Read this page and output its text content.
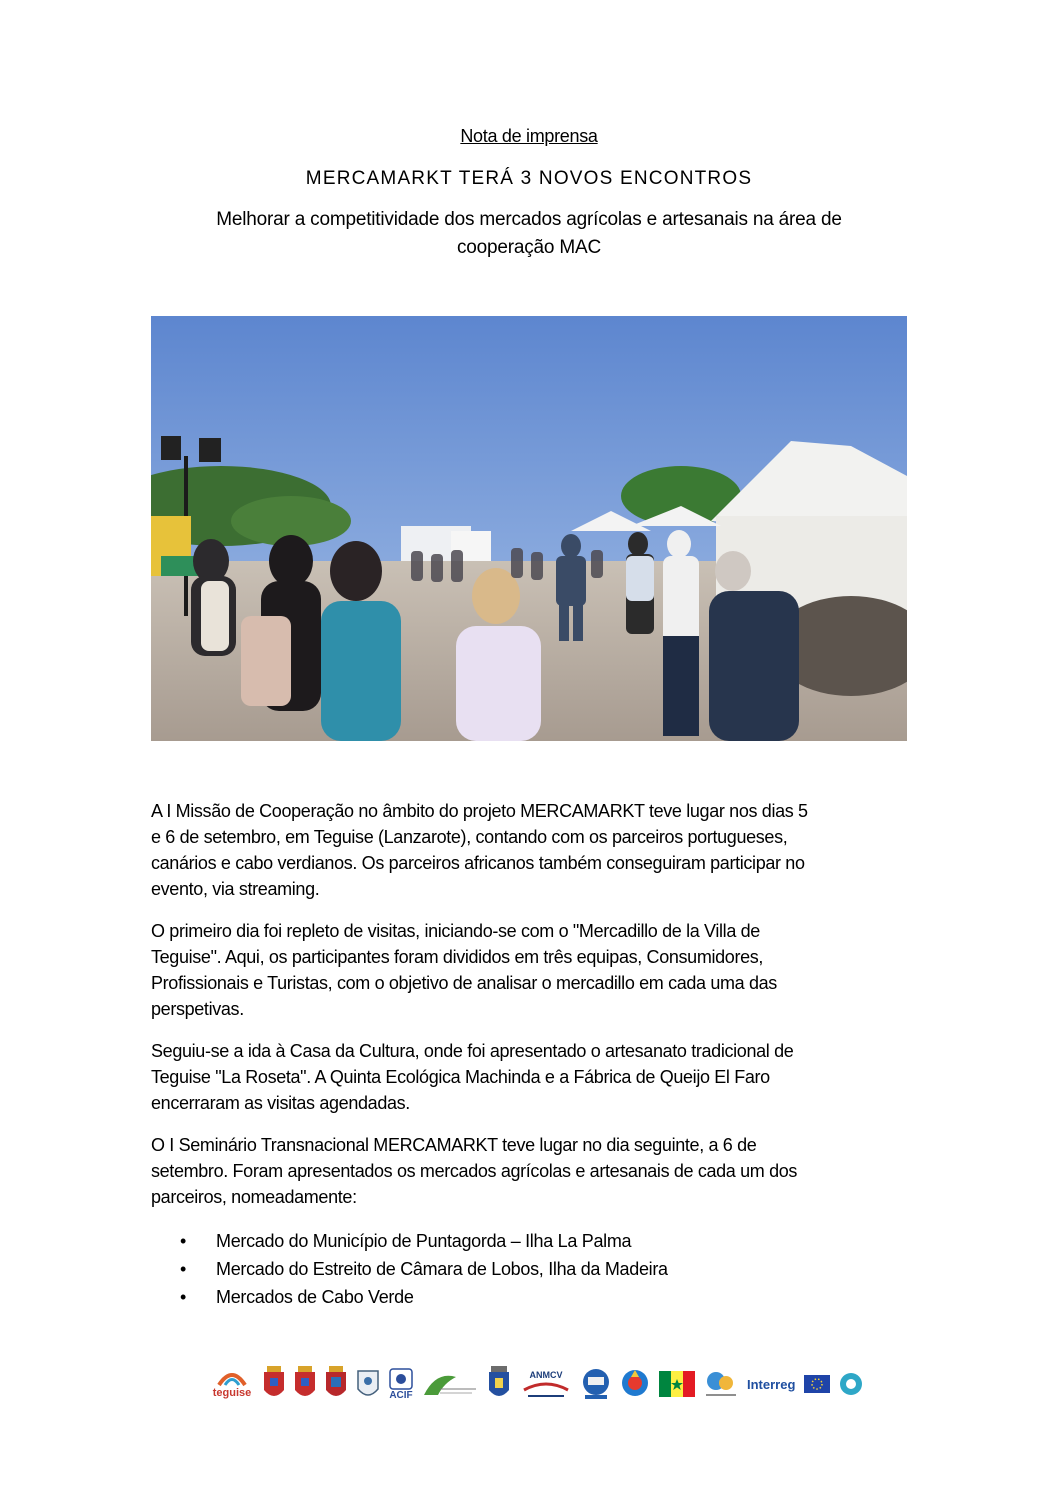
Nota de imprensa
MERCAMARKT TERÁ 3 NOVOS ENCONTROS
Melhorar a competitividade dos mercados agrícolas e artesanais na área de
cooperação MAC
A I Missão de Cooperação no âmbito do projeto MERCAMARKT teve lugar nos dias 5
e 6 de setembro, em Teguise (Lanzarote), contando com os parceiros portugueses,
canários e cabo verdianos. Os parceiros africanos também conseguiram participar no
evento, via streaming.
O primeiro dia foi repleto de visitas, iniciando-se com o "Mercadillo de la Villa de
Teguise". Aqui, os participantes foram divididos em três equipas, Consumidores,
Profissionais e Turistas, com o objetivo de analisar o mercadillo em cada uma das
perspetivas.
Seguiu-se a ida à Casa da Cultura, onde foi apresentado o artesanato tradicional de
Teguise "La Roseta". A Quinta Ecológica Machinda e a Fábrica de Queijo El Faro
encerraram as visitas agendadas.
O I Seminário Transnacional MERCAMARKT teve lugar no dia seguinte, a 6 de
setembro. Foram apresentados os mercados agrícolas e artesanais de cada um dos
parceiros, nomeadamente:
•	Mercado do Município de Puntagorda – Ilha La Palma
•	Mercado do Estreito de Câmara de Lobos, Ilha da Madeira
•	Mercados de Cabo Verde
teguise	ACIF
ANMCV
Interreg
